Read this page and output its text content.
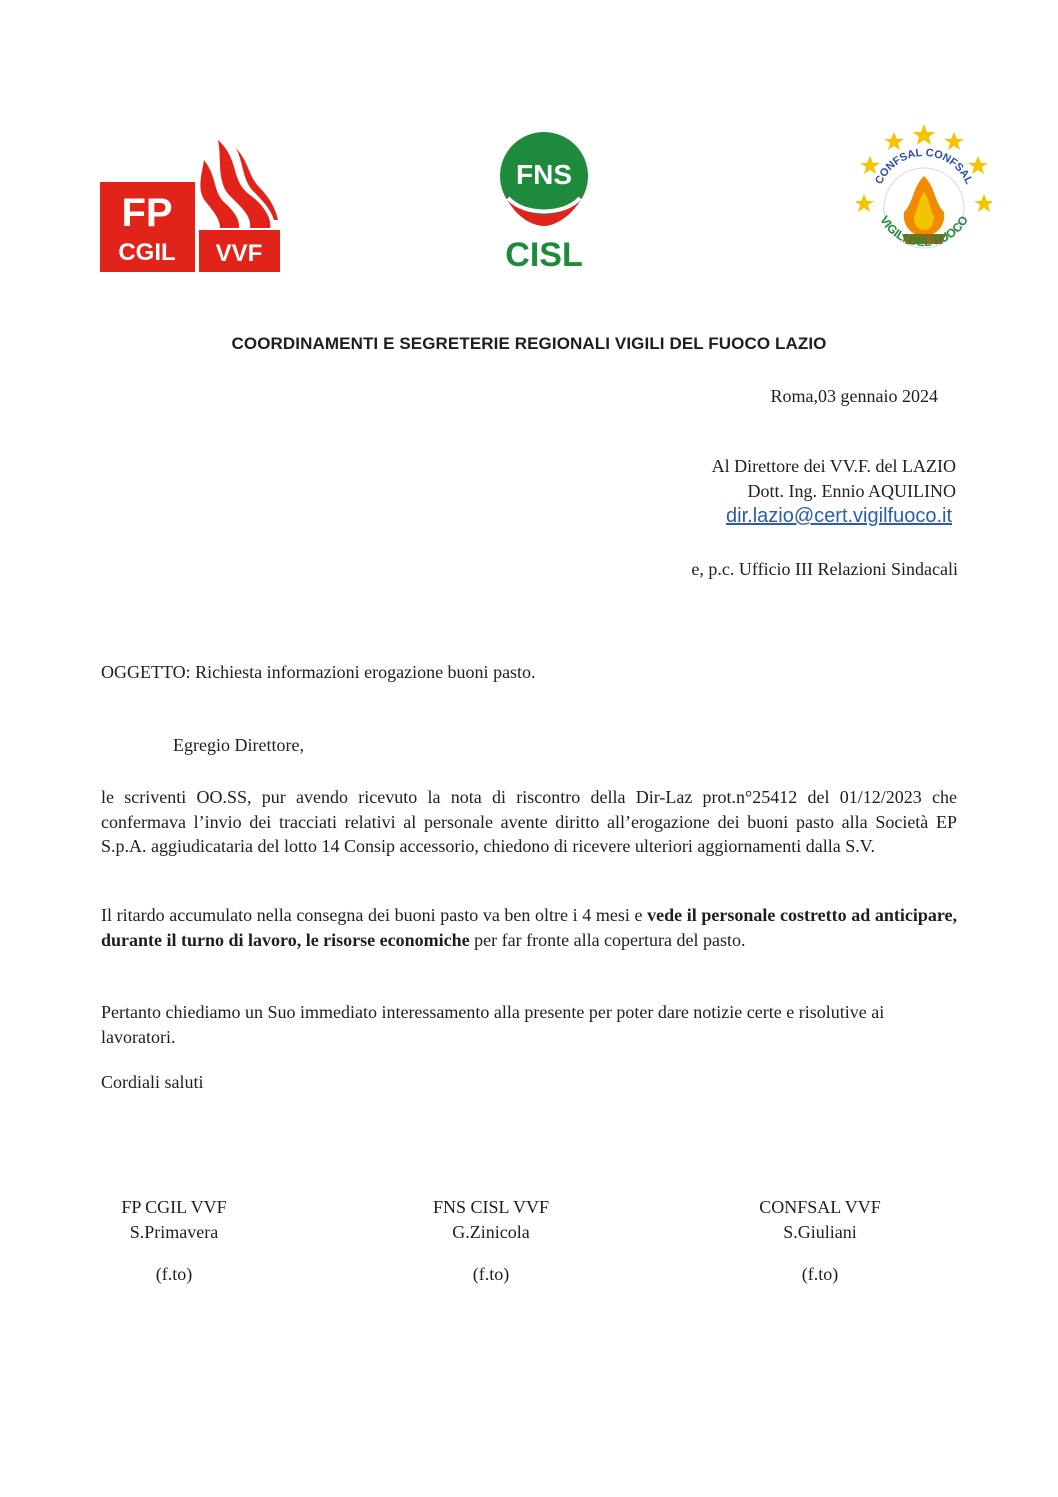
FP
CGIL VVF
FNS
CISL
CONFSAL CONFSAL
VIGILI DEL FUOCO
COORDINAMENTI E SEGRETERIE REGIONALI VIGILI DEL FUOCO LAZIO
Roma,03 gennaio 2024
Al Direttore dei VV.F. del LAZIO
Dott. Ing. Ennio AQUILINO
dir.lazio@cert.vigilfuoco.it
e, p.c. Ufficio III Relazioni Sindacali
OGGETTO: Richiesta informazioni erogazione buoni pasto.
Egregio Direttore,
le scriventi OO.SS, pur avendo ricevuto la nota di riscontro della Dir-Laz prot.n°25412 del 01/12/2023 che confermava l’invio dei tracciati relativi al personale avente diritto all’erogazione dei buoni pasto alla Società EP S.p.A. aggiudicataria del lotto 14 Consip accessorio, chiedono di ricevere ulteriori aggiornamenti dalla S.V.
Il ritardo accumulato nella consegna dei buoni pasto va ben oltre i 4 mesi e vede il personale costretto ad anticipare, durante il turno di lavoro, le risorse economiche per far fronte alla copertura del pasto.
Pertanto chiediamo un Suo immediato interessamento alla presente per poter dare notizie certe e risolutive ai lavoratori.
Cordiali saluti
FP CGIL VVF
S.Primavera
(f.to)
FNS CISL VVF
G.Zinicola
(f.to)
CONFSAL VVF
S.Giuliani
(f.to)
